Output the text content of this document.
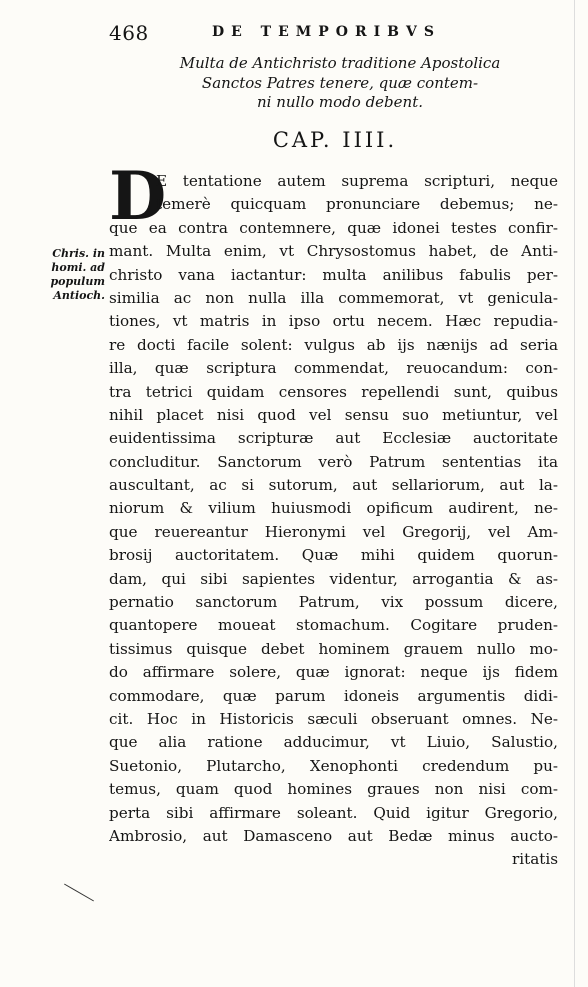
468	DE TEMPORIBVS
Multa de Antichristo traditione Apostolica
Sanctos Patres tenere, quæ contem-
ni nullo modo debent.
CAP. IIII.
D
E tentatione autem suprema scripturi, neque
temerè quicquam pronunciare debemus; ne-
que ea contra contemnere, quæ idonei testes confir-
mant. Multa enim, vt Chrysostomus habet, de Anti-
christo vana iactantur: multa anilibus fabulis per-
similia ac non nulla illa commemorat, vt genicula-
tiones, vt matris in ipso ortu necem. Hæc repudia-
re docti facile solent: vulgus ab ijs nænijs ad seria
illa, quæ scriptura commendat, reuocandum: con-
tra tetrici quidam censores repellendi sunt, quibus
nihil placet nisi quod vel sensu suo metiuntur, vel
euidentissima scripturæ aut Ecclesiæ auctoritate
concluditur. Sanctorum verò Patrum sententias ita
auscultant, ac si sutorum, aut sellariorum, aut la-
niorum & vilium huiusmodi opificum audirent, ne-
que reuereantur Hieronymi vel Gregorij, vel Am-
brosij auctoritatem. Quæ mihi quidem quorun-
dam, qui sibi sapientes videntur, arrogantia & as-
pernatio sanctorum Patrum, vix possum dicere,
quantopere moueat stomachum. Cogitare pruden-
tissimus quisque debet hominem grauem nullo mo-
do affirmare solere, quæ ignorat: neque ijs fidem
commodare, quæ parum idoneis argumentis didi-
cit. Hoc in Historicis sæculi obseruant omnes. Ne-
que alia ratione adducimur, vt Liuio, Salustio,
Suetonio, Plutarcho, Xenophonti credendum pu-
temus, quam quod homines graues non nisi com-
perta sibi affirmare soleant. Quid igitur Gregorio,
Ambrosio, aut Damasceno aut Bedæ minus aucto-
ritatis
Chris. in
homi. ad
populum
Antioch.
